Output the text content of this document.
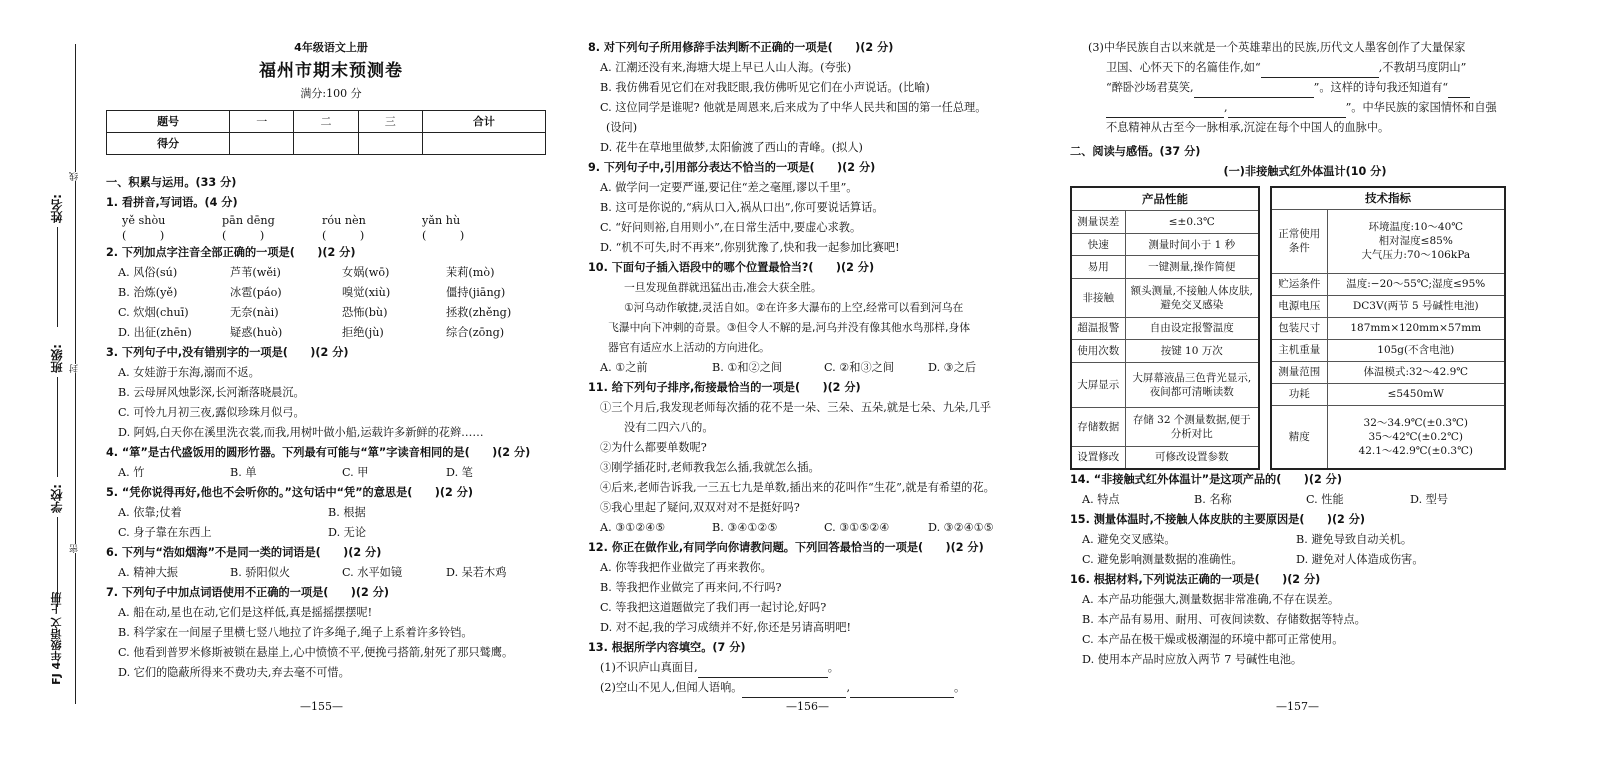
姓名:
班级:
学校:
线
封
密
FJ 4年级语文 上册
4年级语文上册
福州市期末预测卷
满分:100 分
题号	一	二	三	合计
得分				
一、积累与运用。(33 分)
1. 看拼音,写词语。(4 分)
yě shòu
(　　　)
pān dēng
(　　　)
róu nèn
(　　　)
yǎn hù
(　　　)
2. 下列加点字注音全部正确的一项是(　　)(2 分)
A. 风俗(sú)	芦苇(wěi)	女娲(wō)	茉莉(mò)
B. 治炼(yě)	冰雹(páo)	嗅觉(xiù)	僵持(jiāng)
C. 炊烟(chuī)	无奈(nài)	恐怖(bù)	拯救(zhěng)
D. 出征(zhēn)	疑惑(huò)	拒绝(jù)	综合(zōng)
3. 下列句子中,没有错别字的一项是(　　)(2 分)
A. 女娃游于东海,溺而不返。
B. 云母屏风烛影深,长河渐落晓晨沉。
C. 可怜九月初三夜,露似珍珠月似弓。
D. 阿妈,白天你在溪里洗衣裳,而我,用树叶做小船,运载许多新鲜的花辫……
4. “箪”是古代盛饭用的圆形竹器。下列最有可能与“箪”字读音相同的是(　　)(2 分)
A. 竹	B. 单	C. 甲	D. 笔
5. “凭你说得再好,他也不会听你的。”这句话中“凭”的意思是(　　)(2 分)
A. 依靠;仗着	B. 根据
C. 身子靠在东西上	D. 无论
6. 下列与“浩如烟海”不是同一类的词语是(　　)(2 分)
A. 精神大振	B. 骄阳似火	C. 水平如镜	D. 呆若木鸡
7. 下列句子中加点词语使用不正确的一项是(　　)(2 分)
A. 船在动,星也在动,它们是这样低,真是摇摇摆摆呢!
B. 科学家在一间屋子里横七竖八地拉了许多绳子,绳子上系着许多铃铛。
C. 他看到普罗米修斯被锁在悬崖上,心中愤愤不平,便挽弓搭箭,射死了那只鹫鹰。
D. 它们的隐蔽所得来不费功夫,弃去毫不可惜。
—155—
8. 对下列句子所用修辞手法判断不正确的一项是(　　)(2 分)
A. 江潮还没有来,海塘大堤上早已人山人海。(夸张)
B. 我仿佛看见它们在对我眨眼,我仿佛听见它们在小声说话。(比喻)
C. 这位同学是谁呢? 他就是周恩来,后来成为了中华人民共和国的第一任总理。
(设问)
D. 花牛在草地里做梦,太阳偷渡了西山的青峰。(拟人)
9. 下列句子中,引用部分表达不恰当的一项是(　　)(2 分)
A. 做学问一定要严谨,要记住“差之毫厘,谬以千里”。
B. 这可是你说的,“病从口入,祸从口出”,你可要说话算话。
C. “好问则裕,自用则小”,在日常生活中,要虚心求教。
D. “机不可失,时不再来”,你别犹豫了,快和我一起参加比赛吧!
10. 下面句子插入语段中的哪个位置最恰当?(　　)(2 分)
一旦发现鱼群就迅猛出击,准会大获全胜。
①河乌动作敏捷,灵活自如。②在许多大瀑布的上空,经常可以看到河乌在
飞瀑中向下冲刺的奇景。③但令人不解的是,河乌并没有像其他水鸟那样,身体
器官有适应水上活动的方向进化。
A. ①之前	B. ①和②之间	C. ②和③之间	D. ③之后
11. 给下列句子排序,衔接最恰当的一项是(　　)(2 分)
①三个月后,我发现老师每次插的花不是一朵、三朵、五朵,就是七朵、九朵,几乎
没有二四六八的。
②为什么都要单数呢?
③刚学插花时,老师教我怎么插,我就怎么插。
④后来,老师告诉我,一三五七九是单数,插出来的花叫作“生花”,就是有希望的花。
⑤我心里起了疑问,双双对对不是挺好吗?
A. ③①②④⑤	B. ③④①②⑤	C. ③①⑤②④	D. ③②④①⑤
12. 你正在做作业,有同学向你请教问题。下列回答最恰当的一项是(　　)(2 分)
A. 你等我把作业做完了再来教你。
B. 等我把作业做完了再来问,不行吗?
C. 等我把这道题做完了我们再一起讨论,好吗?
D. 对不起,我的学习成绩并不好,你还是另请高明吧!
13. 根据所学内容填空。(7 分)
(1)不识庐山真面目,	。
(2)空山不见人,但闻人语响。	,	。
—156—
(3)中华民族自古以来就是一个英雄辈出的民族,历代文人墨客创作了大量保家
卫国、心怀天下的名篇佳作,如“	,不教胡马度阴山”
“醉卧沙场君莫笑,	”。这样的诗句我还知道有“
,	”。中华民族的家国情怀和自强
不息精神从古至今一脉相承,沉淀在每个中国人的血脉中。
二、阅读与感悟。(37 分)
(一)非接触式红外体温计(10 分)
产品性能	
测量误差	≤±0.3℃
快速	测量时间小于 1 秒
易用	一键测量,操作简便
非接触	额头测量,不接触人体皮肤,避免交叉感染
超温报警	自由设定报警温度
使用次数	按键 10 万次
大屏显示	大屏幕液晶三色背光显示,夜间都可清晰读数
存储数据	存储 32 个测量数据,便于分析对比
设置修改	可修改设置参数
技术指标	
正常使用条件	环境温度:10～40℃
相对湿度≤85%
大气压力:70～106kPa

贮运条件	温度:−20～55℃;湿度≤95%
电源电压	DC3V(两节 5 号碱性电池)
包装尺寸	187mm×120mm×57mm
主机重量	105g(不含电池)
测量范围	体温模式:32～42.9℃
功耗	≤5450mW
精度	32～34.9℃(±0.3℃)
35～42℃(±0.2℃)
42.1～42.9℃(±0.3℃)
14. “非接触式红外体温计”是这项产品的(　　)(2 分)
A. 特点	B. 名称	C. 性能	D. 型号
15. 测量体温时,不接触人体皮肤的主要原因是(　　)(2 分)
A. 避免交叉感染。	B. 避免导致自动关机。
C. 避免影响测量数据的准确性。	D. 避免对人体造成伤害。
16. 根据材料,下列说法正确的一项是(　　)(2 分)
A. 本产品功能强大,测量数据非常准确,不存在误差。
B. 本产品有易用、耐用、可夜间读数、存储数据等特点。
C. 本产品在极干燥或极潮湿的环境中都可正常使用。
D. 使用本产品时应放入两节 7 号碱性电池。
—157—
